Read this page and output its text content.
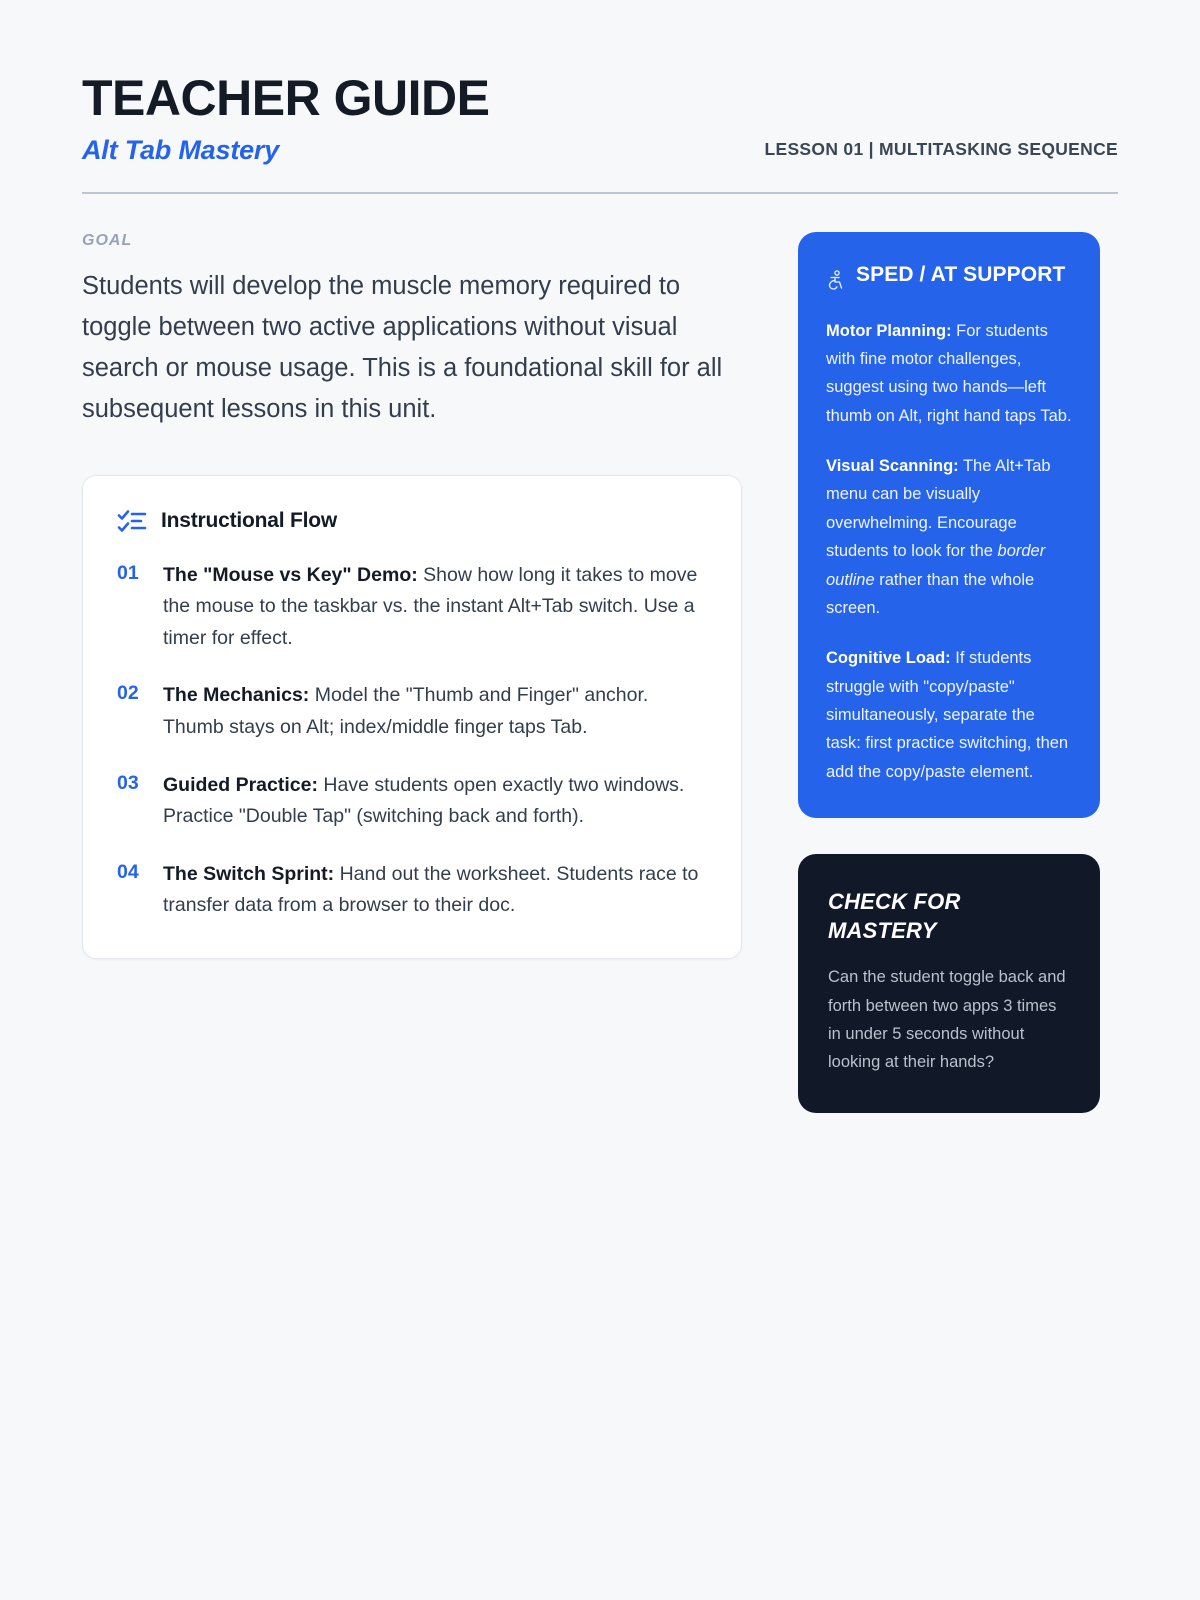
TEACHER GUIDE
Alt Tab Mastery	LESSON 01 | MULTITASKING SEQUENCE
GOAL
Students will develop the muscle memory required to toggle between two active applications without visual search or mouse usage. This is a foundational skill for all subsequent lessons in this unit.
Instructional Flow
01	The "Mouse vs Key" Demo: Show how long it takes to move the mouse to the taskbar vs. the instant Alt+Tab switch. Use a timer for effect.
02	The Mechanics: Model the "Thumb and Finger" anchor. Thumb stays on Alt; index/middle finger taps Tab.
03	Guided Practice: Have students open exactly two windows. Practice "Double Tap" (switching back and forth).
04	The Switch Sprint: Hand out the worksheet. Students race to transfer data from a browser to their doc.
SPED / AT SUPPORT
Motor Planning: For students with fine motor challenges, suggest using two hands—left thumb on Alt, right hand taps Tab.
Visual Scanning: The Alt+Tab menu can be visually overwhelming. Encourage students to look for the border outline rather than the whole screen.
Cognitive Load: If students struggle with "copy/paste" simultaneously, separate the task: first practice switching, then add the copy/paste element.
CHECK FOR MASTERY
Can the student toggle back and forth between two apps 3 times in under 5 seconds without looking at their hands?
